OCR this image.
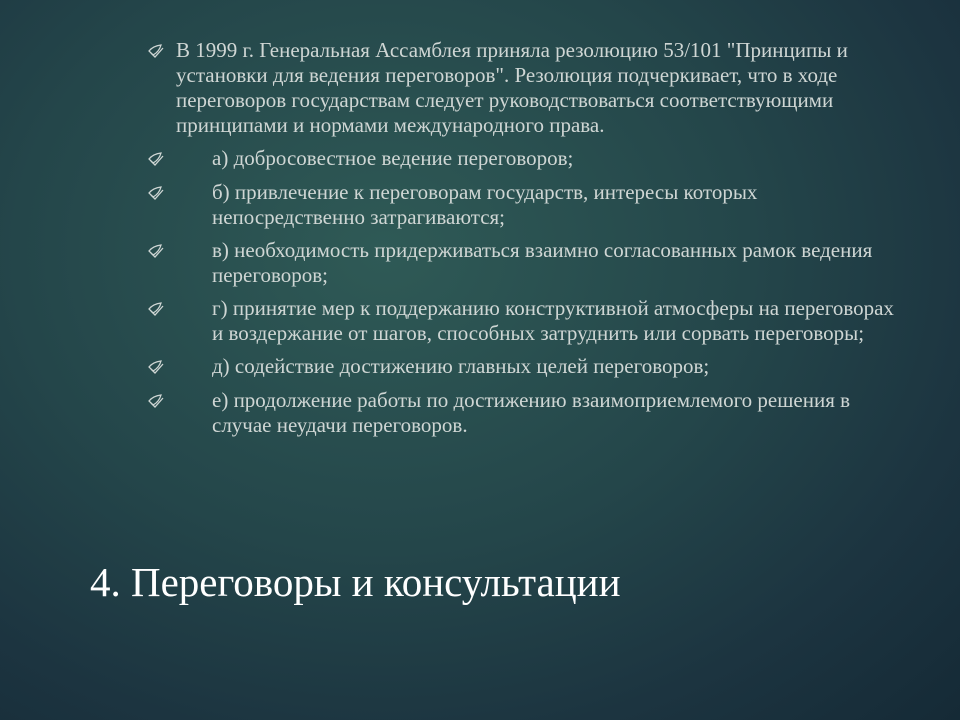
В 1999 г. Генеральная Ассамблея приняла резолюцию 53/101 "Принципы и установки для ведения переговоров". Резолюция подчеркивает, что в ходе переговоров государствам следует руководствоваться соответствующими принципами и нормами международного права.
а) добросовестное ведение переговоров;
б) привлечение к переговорам государств, интересы которых непосредственно затрагиваются;
в) необходимость придерживаться взаимно согласованных рамок ведения переговоров;
г) принятие мер к поддержанию конструктивной атмосферы на переговорах и воздержание от шагов, способных затруднить или сорвать переговоры;
д) содействие достижению главных целей переговоров;
е) продолжение работы по достижению взаимоприемлемого решения в случае неудачи переговоров.
4. Переговоры и консультации
